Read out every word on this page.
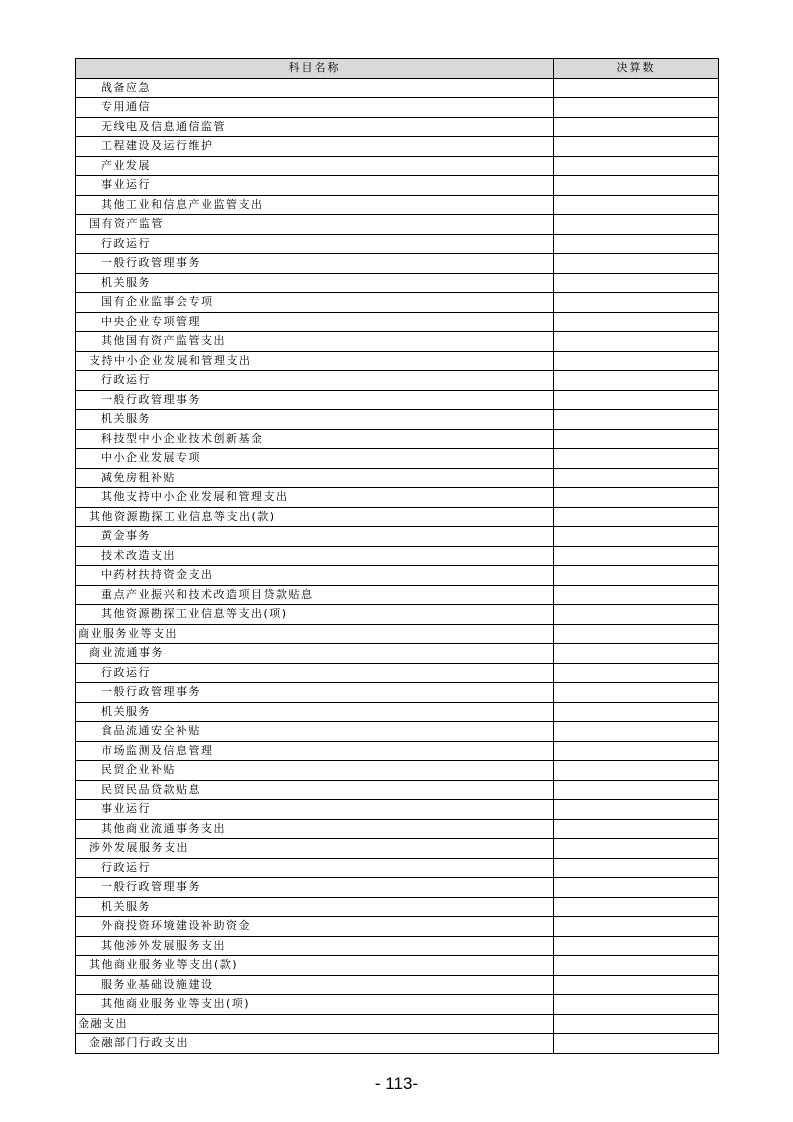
科目名称	决算数
战备应急	
专用通信	
无线电及信息通信监管	
工程建设及运行维护	
产业发展	
事业运行	
其他工业和信息产业监管支出	
国有资产监管	
行政运行	
一般行政管理事务	
机关服务	
国有企业监事会专项	
中央企业专项管理	
其他国有资产监管支出	
支持中小企业发展和管理支出	
行政运行	
一般行政管理事务	
机关服务	
科技型中小企业技术创新基金	
中小企业发展专项	
减免房租补贴	
其他支持中小企业发展和管理支出	
其他资源勘探工业信息等支出(款)	
黄金事务	
技术改造支出	
中药材扶持资金支出	
重点产业振兴和技术改造项目贷款贴息	
其他资源勘探工业信息等支出(项)	
商业服务业等支出	
商业流通事务	
行政运行	
一般行政管理事务	
机关服务	
食品流通安全补贴	
市场监测及信息管理	
民贸企业补贴	
民贸民品贷款贴息	
事业运行	
其他商业流通事务支出	
涉外发展服务支出	
行政运行	
一般行政管理事务	
机关服务	
外商投资环境建设补助资金	
其他涉外发展服务支出	
其他商业服务业等支出(款)	
服务业基础设施建设	
其他商业服务业等支出(项)	
金融支出	
金融部门行政支出	
- 113-
